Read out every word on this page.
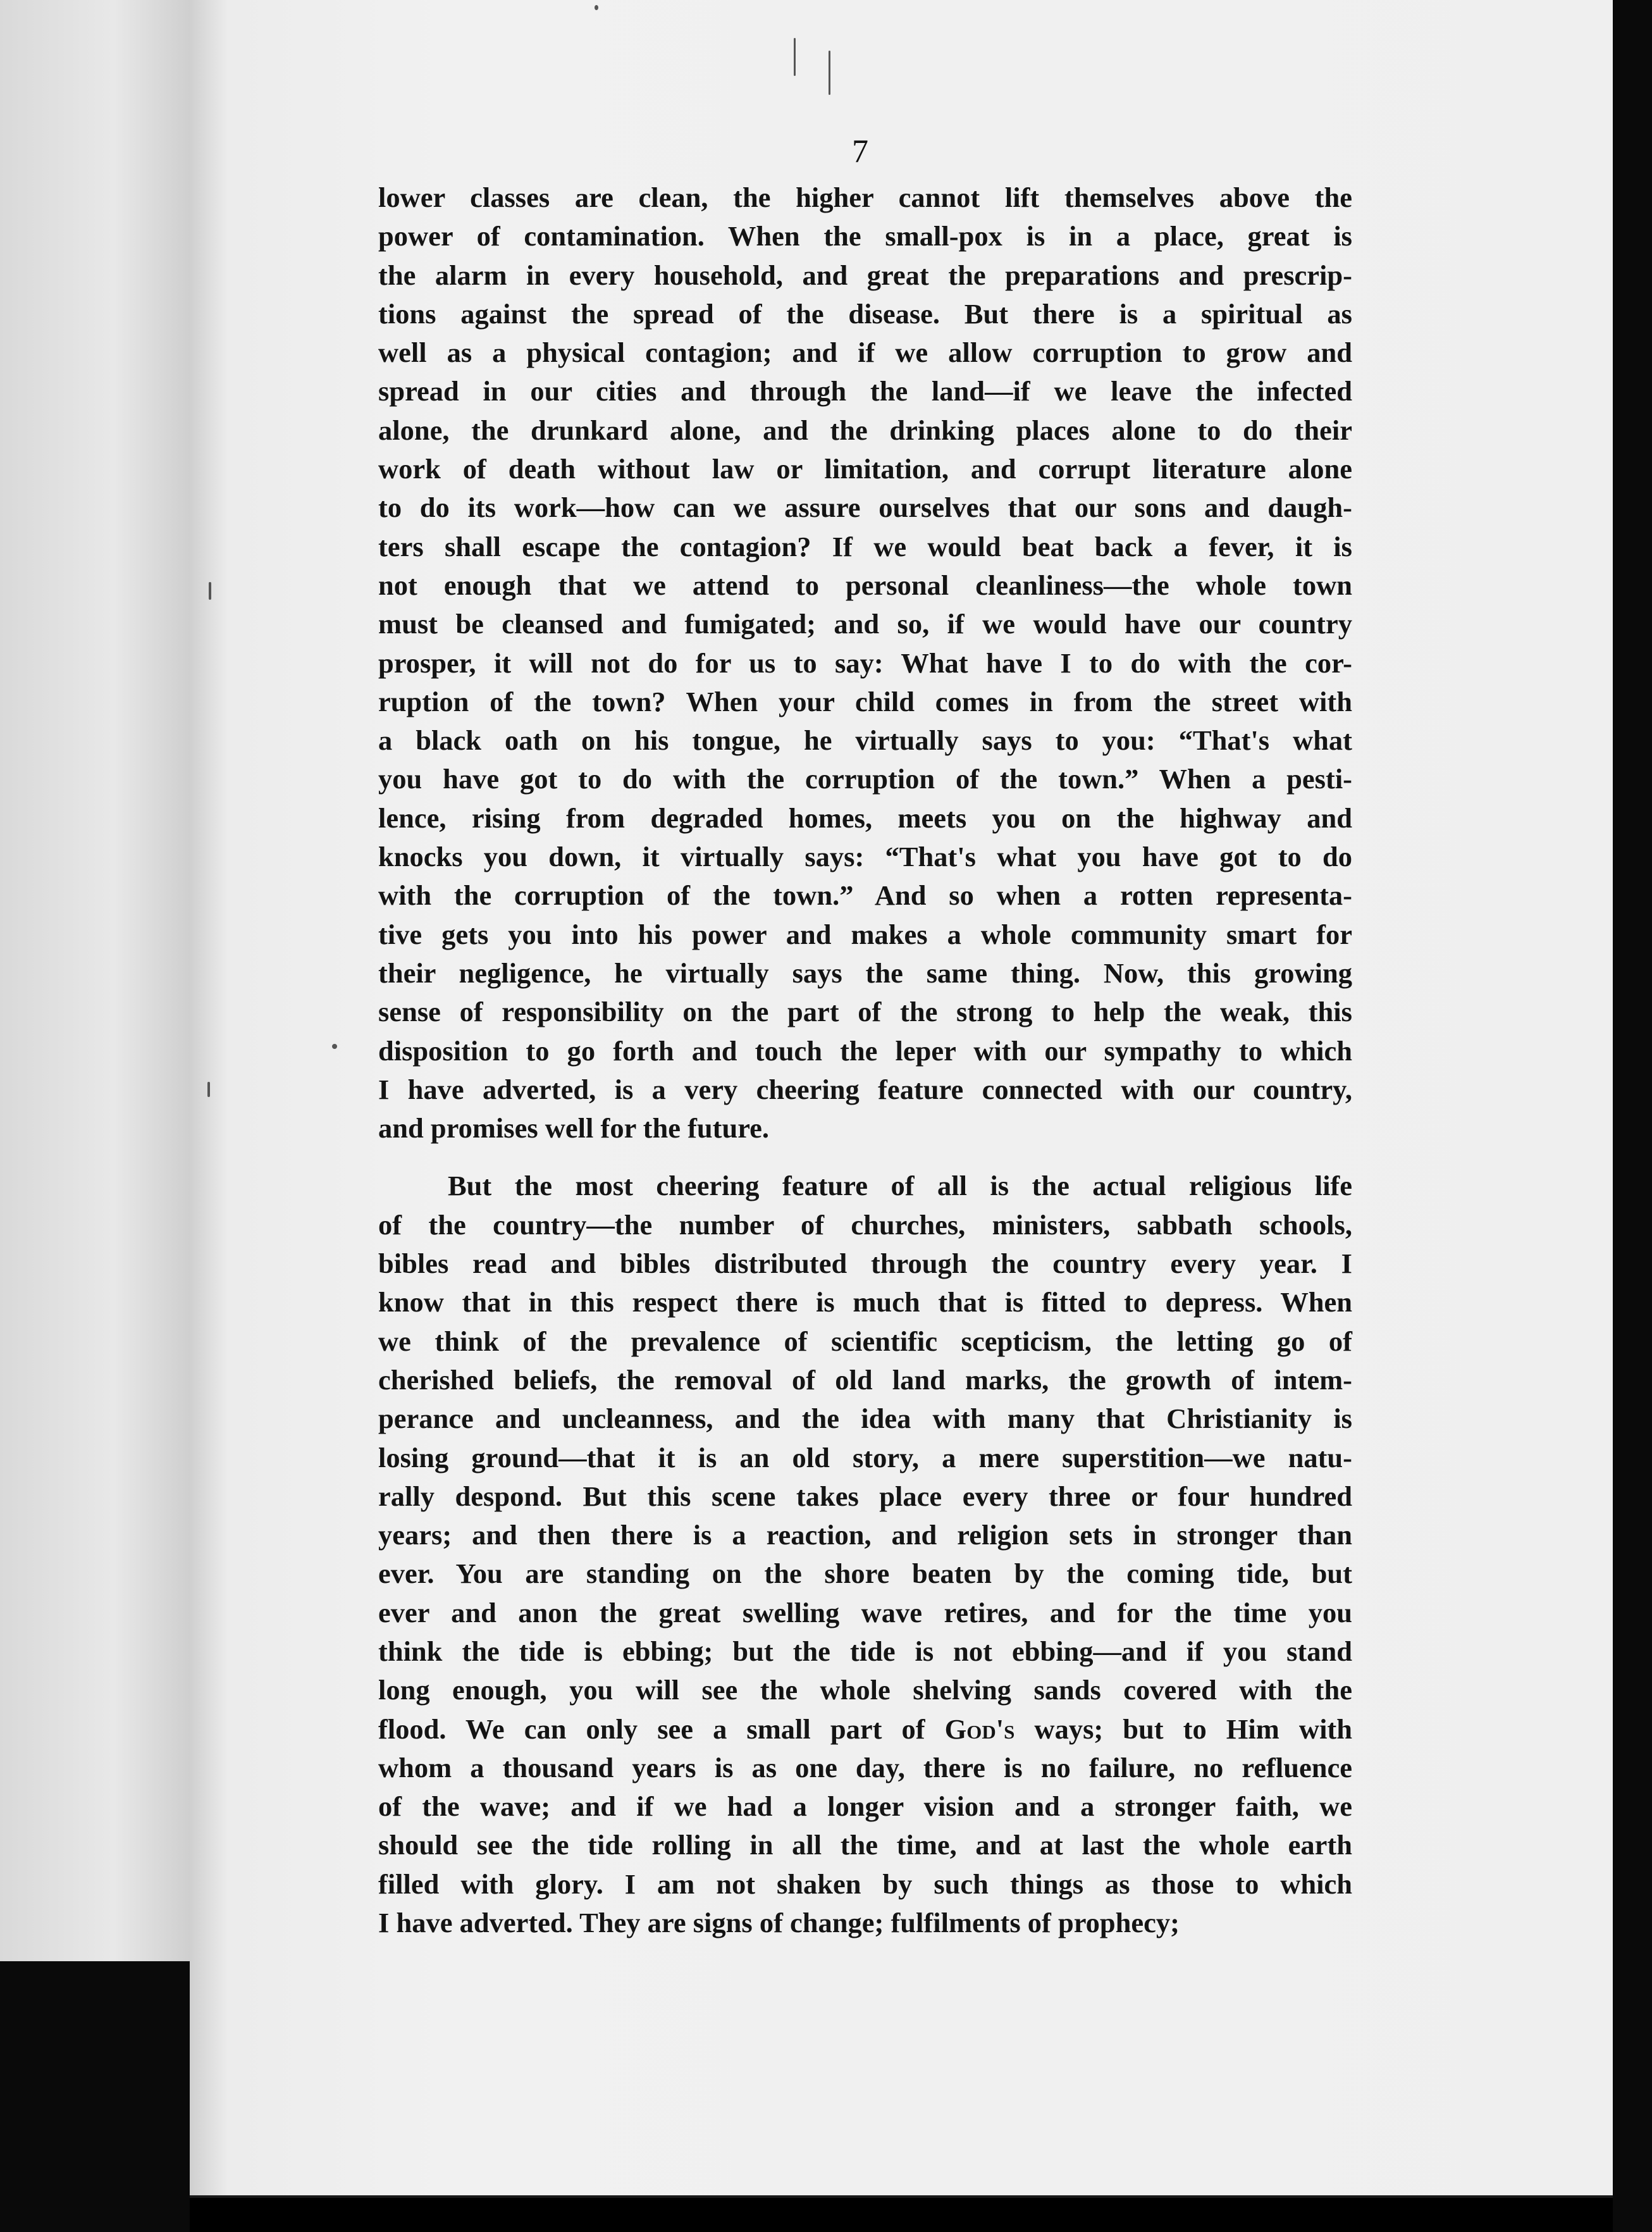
7
lower classes are clean, the higher cannot lift themselves above the
power of contamination. When the small-pox is in a place, great is
the alarm in every household, and great the preparations and prescrip-
tions against the spread of the disease. But there is a spiritual as
well as a physical contagion; and if we allow corruption to grow and
spread in our cities and through the land—if we leave the infected
alone, the drunkard alone, and the drinking places alone to do their
work of death without law or limitation, and corrupt literature alone
to do its work—how can we assure ourselves that our sons and daugh-
ters shall escape the contagion? If we would beat back a fever, it is
not enough that we attend to personal cleanliness—the whole town
must be cleansed and fumigated; and so, if we would have our country
prosper, it will not do for us to say: What have I to do with the cor-
ruption of the town? When your child comes in from the street with
a black oath on his tongue, he virtually says to you: “That's what
you have got to do with the corruption of the town.” When a pesti-
lence, rising from degraded homes, meets you on the highway and
knocks you down, it virtually says: “That's what you have got to do
with the corruption of the town.” And so when a rotten representa-
tive gets you into his power and makes a whole community smart for
their negligence, he virtually says the same thing. Now, this growing
sense of responsibility on the part of the strong to help the weak, this
disposition to go forth and touch the leper with our sympathy to which
I have adverted, is a very cheering feature connected with our country,
and promises well for the future.
But the most cheering feature of all is the actual religious life
of the country—the number of churches, ministers, sabbath schools,
bibles read and bibles distributed through the country every year. I
know that in this respect there is much that is fitted to depress. When
we think of the prevalence of scientific scepticism, the letting go of
cherished beliefs, the removal of old land marks, the growth of intem-
perance and uncleanness, and the idea with many that Christianity is
losing ground—that it is an old story, a mere superstition—we natu-
rally despond. But this scene takes place every three or four hundred
years; and then there is a reaction, and religion sets in stronger than
ever. You are standing on the shore beaten by the coming tide, but
ever and anon the great swelling wave retires, and for the time you
think the tide is ebbing; but the tide is not ebbing—and if you stand
long enough, you will see the whole shelving sands covered with the
flood. We can only see a small part of God's ways; but to Him with
whom a thousand years is as one day, there is no failure, no refluence
of the wave; and if we had a longer vision and a stronger faith, we
should see the tide rolling in all the time, and at last the whole earth
filled with glory. I am not shaken by such things as those to which
I have adverted. They are signs of change; fulfilments of prophecy;
